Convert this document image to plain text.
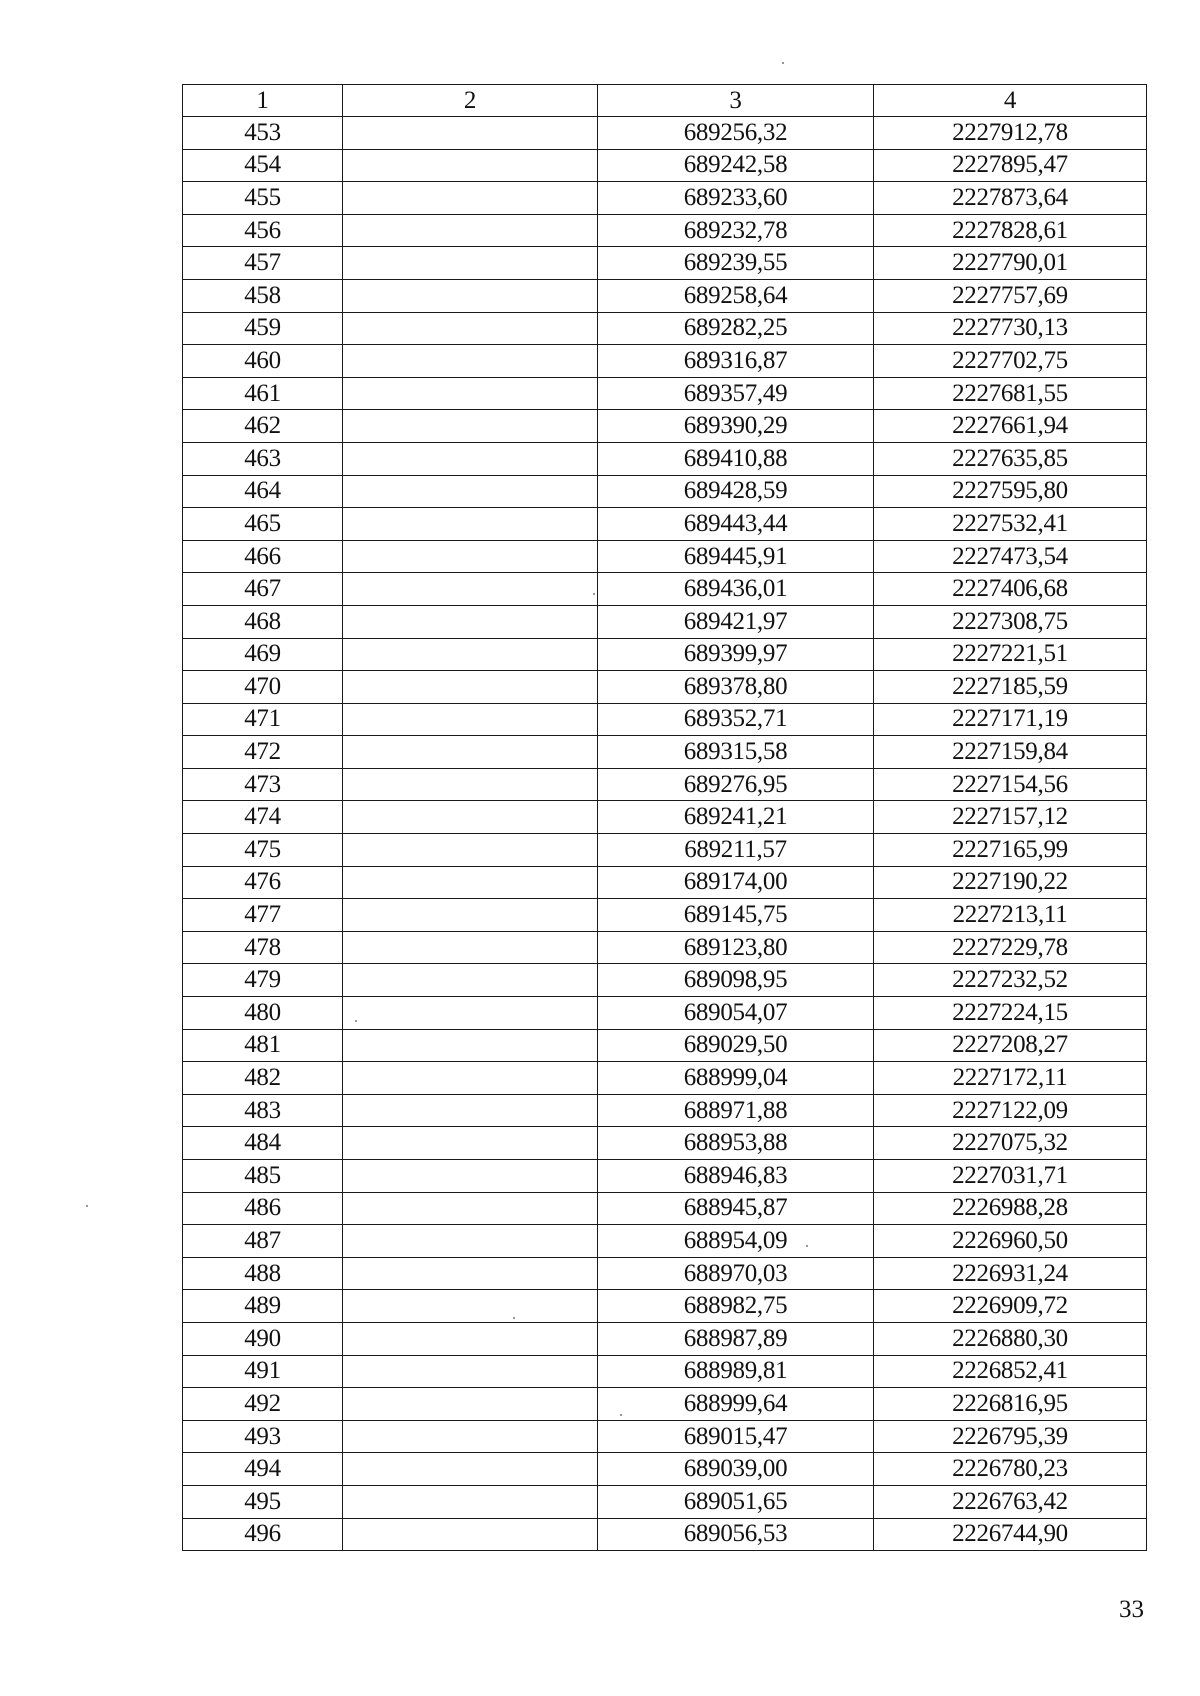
1	2	3	4
453		689256,32	2227912,78
454		689242,58	2227895,47
455		689233,60	2227873,64
456		689232,78	2227828,61
457		689239,55	2227790,01
458		689258,64	2227757,69
459		689282,25	2227730,13
460		689316,87	2227702,75
461		689357,49	2227681,55
462		689390,29	2227661,94
463		689410,88	2227635,85
464		689428,59	2227595,80
465		689443,44	2227532,41
466		689445,91	2227473,54
467		689436,01	2227406,68
468		689421,97	2227308,75
469		689399,97	2227221,51
470		689378,80	2227185,59
471		689352,71	2227171,19
472		689315,58	2227159,84
473		689276,95	2227154,56
474		689241,21	2227157,12
475		689211,57	2227165,99
476		689174,00	2227190,22
477		689145,75	2227213,11
478		689123,80	2227229,78
479		689098,95	2227232,52
480		689054,07	2227224,15
481		689029,50	2227208,27
482		688999,04	2227172,11
483		688971,88	2227122,09
484		688953,88	2227075,32
485		688946,83	2227031,71
486		688945,87	2226988,28
487		688954,09	2226960,50
488		688970,03	2226931,24
489		688982,75	2226909,72
490		688987,89	2226880,30
491		688989,81	2226852,41
492		688999,64	2226816,95
493		689015,47	2226795,39
494		689039,00	2226780,23
495		689051,65	2226763,42
496		689056,53	2226744,90
33
